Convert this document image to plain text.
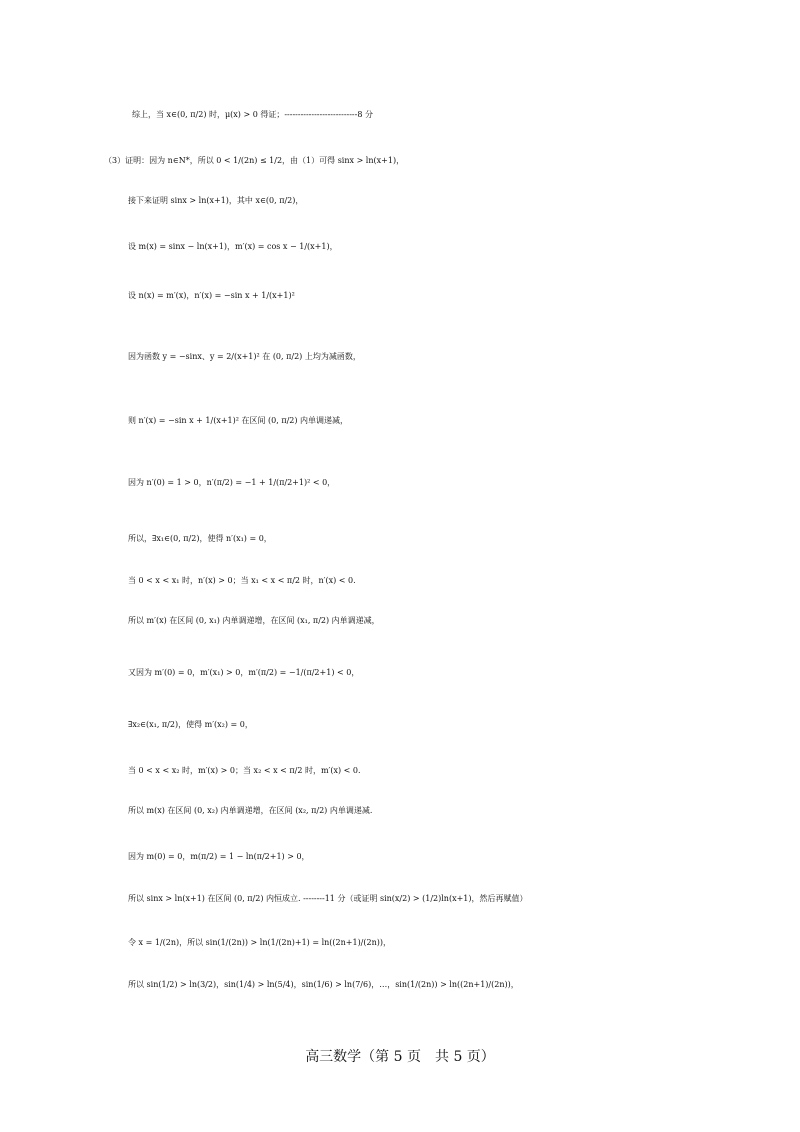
综上，当 x∈(0, π/2) 时，μ(x) > 0 得证；---------------------------8 分
（3）证明：因为 n∈N*，所以 0 < 1/(2n) ≤ 1/2，由（1）可得 sinx > ln(x+1)，
接下来证明 sinx > ln(x+1)，其中 x∈(0, π/2)，
设 m(x) = sinx − ln(x+1)，m′(x) = cos x − 1/(x+1)，
设 n(x) = m′(x)，n′(x) = −sin x + 1/(x+1)²
因为函数 y = −sinx、y = 2/(x+1)² 在 (0, π/2) 上均为减函数，
则 n′(x) = −sin x + 1/(x+1)² 在区间 (0, π/2) 内单调递减，
因为 n′(0) = 1 > 0，n′(π/2) = −1 + 1/(π/2+1)² < 0，
所以，∃x₁∈(0, π/2)，使得 n′(x₁) = 0，
当 0 < x < x₁ 时，n′(x) > 0；当 x₁ < x < π/2 时，n′(x) < 0.
所以 m′(x) 在区间 (0, x₁) 内单调递增，在区间 (x₁, π/2) 内单调递减，
又因为 m′(0) = 0，m′(x₁) > 0，m′(π/2) = −1/(π/2+1) < 0，
∃x₂∈(x₁, π/2)，使得 m′(x₂) = 0，
当 0 < x < x₂ 时，m′(x) > 0；当 x₂ < x < π/2 时，m′(x) < 0.
所以 m(x) 在区间 (0, x₂) 内单调递增，在区间 (x₂, π/2) 内单调递减.
因为 m(0) = 0，m(π/2) = 1 − ln(π/2+1) > 0，
所以 sinx > ln(x+1) 在区间 (0, π/2) 内恒成立. --------11 分（或证明 sin(x/2) > (1/2)ln(x+1)，然后再赋值）
令 x = 1/(2n)，所以 sin(1/(2n)) > ln(1/(2n)+1) = ln((2n+1)/(2n))，
所以 sin(1/2) > ln(3/2)，sin(1/4) > ln(5/4)，sin(1/6) > ln(7/6)，…，sin(1/(2n)) > ln((2n+1)/(2n))，
高三数学（第 5 页　共 5 页）
